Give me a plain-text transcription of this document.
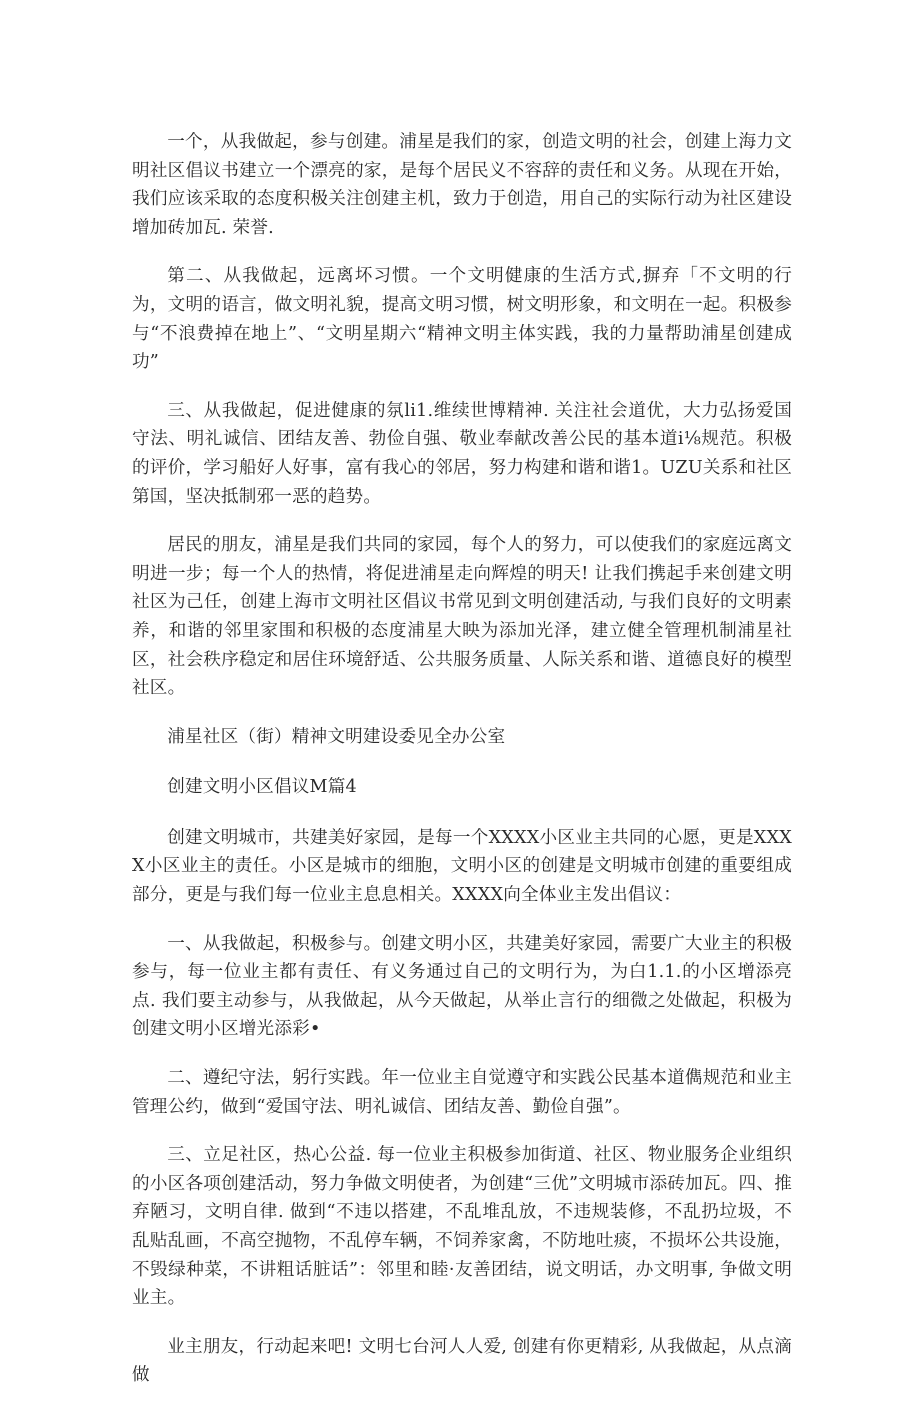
一个，从我做起，参与创建。浦星是我们的家，创造文明的社会，创建上海力文明社区倡议书建立一个漂亮的家，是每个居民义不容辞的责任和义务。从现在开始，我们应该采取的态度积极关注创建主机，致力于创造，用自己的实际行动为社区建设增加砖加瓦. 荣誉.

第二、从我做起，远离坏习惯。一个文明健康的生活方式,摒弃「不文明的行为，文明的语言，做文明礼貌，提高文明习惯，树文明形象，和文明在一起。积极参与“不浪费掉在地上”、“文明星期六“精神文明主体实践，我的力量帮助浦星创建成功”

三、从我做起，促进健康的氛li1.维续世博精神. 关注社会道优，大力弘扬爱国守法、明礼诚信、团结友善、勃俭自强、敬业奉献改善公民的基本道i⅛规范。积极的评价，学习船好人好事，富有我心的邻居，努力构建和谐和谐1。UZU关系和社区第国，坚决抵制邪一恶的趋势。

居民的朋友，浦星是我们共同的家园，每个人的努力，可以使我们的家庭远离文明进一步；每一个人的热情，将促进浦星走向辉煌的明天! 让我们携起手来创建文明社区为己任，创建上海市文明社区倡议书常见到文明创建活动, 与我们良好的文明素养，和谐的邻里家围和积极的态度浦星大眏为添加光泽，建立健全管理机制浦星社区，社会秩序稳定和居住环境舒适、公共服务质量、人际关系和谐、道德良好的模型社区。

浦星社区（街）精神文明建设委见全办公室

创建文明小区倡议M篇4

创建文明城市，共建美好家园，是每一个XXXX小区业主共同的心愿，更是XXXX小区业主的责任。小区是城市的细胞，文明小区的创建是文明城市创建的重要组成部分，更是与我们每一位业主息息相关。XXXX向全体业主发出倡议：

一、从我做起，积极参与。创建文明小区，共建美好家园，需要广大业主的积极参与，每一位业主都有责任、有义务通过自己的文明行为，为白1.1.的小区增添亮点. 我们要主动参与，从我做起，从今天做起，从举止言行的细微之处做起，积极为创建文明小区增光添彩•

二、遵纪守法，躬行实践。年一位业主自觉遵守和实践公民基本道儁规范和业主管理公约，做到“爱国守法、明礼诚信、团结友善、勤俭自强”。

三、立足社区，热心公益. 每一位业主积极参加街道、社区、物业服务企业组织的小区各项创建活动，努力争做文明使者，为创建“三优”文明城市添砖加瓦。四、推弃陋习，文明自律. 做到“不违以搭建，不乱堆乱放，不违规装修，不乱扔垃圾，不乱贴乱画，不高空抛物，不乱停车辆，不饲养家禽，不防地吐痰，不损坏公共设施，不毁绿种菜，不讲粗话脏话”：邻里和睦·友善团结，说文明话，办文明事, 争做文明业主。

业主朋友，行动起来吧! 文明七台河人人爱, 创建有你更精彩, 从我做起，从点滴做
